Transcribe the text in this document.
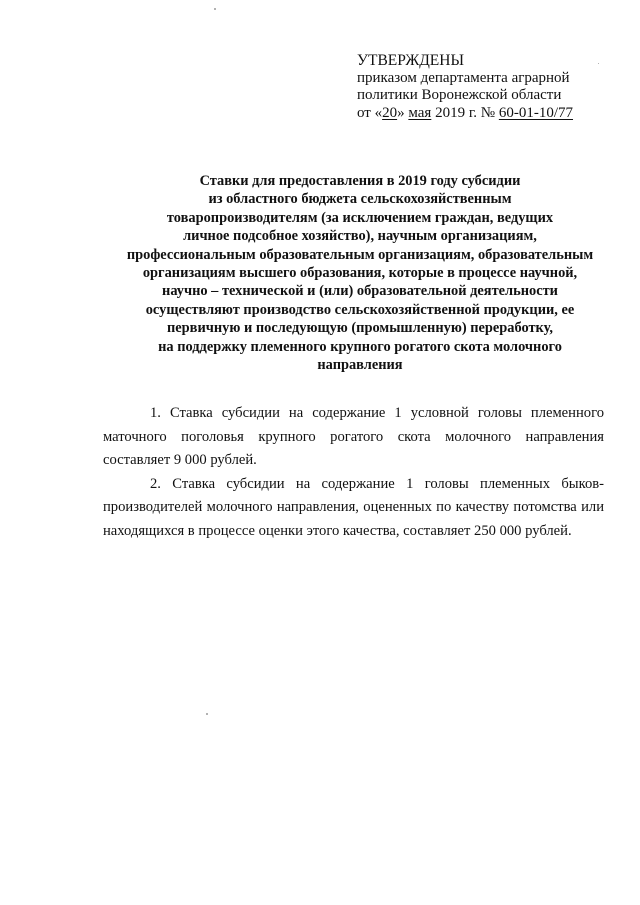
УТВЕРЖДЕНЫ
приказом департамента аграрной
политики Воронежской области
от «20» мая 2019 г. № 60-01-10/77
Ставки для предоставления в 2019 году субсидии
из областного бюджета сельскохозяйственным
товаропроизводителям (за исключением граждан, ведущих
личное подсобное хозяйство), научным организациям,
профессиональным образовательным организациям, образовательным
организациям высшего образования, которые в процессе научной,
научно – технической и (или) образовательной деятельности
осуществляют производство сельскохозяйственной продукции, ее
первичную и последующую (промышленную) переработку,
на поддержку племенного крупного рогатого скота молочного
направления

1. Ставка субсидии на содержание 1 условной головы племенного маточного поголовья крупного рогатого скота молочного направления составляет 9 000 рублей.

2. Ставка субсидии на содержание 1 головы племенных быков-производителей молочного направления, оцененных по качеству потомства или находящихся в процессе оценки этого качества, составляет 250 000 рублей.
